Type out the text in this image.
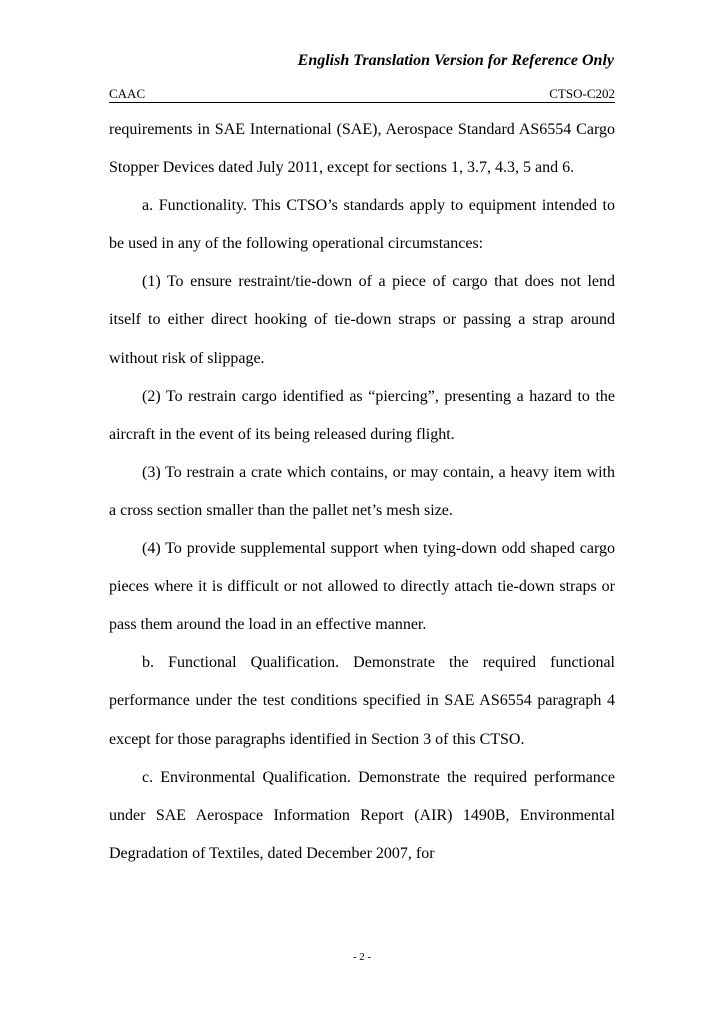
English Translation Version for Reference Only
CAAC	CTSO-C202

requirements in SAE International (SAE), Aerospace Standard AS6554 Cargo Stopper Devices dated July 2011, except for sections 1, 3.7, 4.3, 5 and 6.

a. Functionality. This CTSO’s standards apply to equipment intended to be used in any of the following operational circumstances:

(1) To ensure restraint/tie-down of a piece of cargo that does not lend itself to either direct hooking of tie-down straps or passing a strap around without risk of slippage.

(2) To restrain cargo identified as “piercing”, presenting a hazard to the aircraft in the event of its being released during flight.

(3) To restrain a crate which contains, or may contain, a heavy item with a cross section smaller than the pallet net’s mesh size.

(4) To provide supplemental support when tying-down odd shaped cargo pieces where it is difficult or not allowed to directly attach tie-down straps or pass them around the load in an effective manner.

b. Functional Qualification. Demonstrate the required functional performance under the test conditions specified in SAE AS6554 paragraph 4 except for those paragraphs identified in Section 3 of this CTSO.

c. Environmental Qualification. Demonstrate the required performance under SAE Aerospace Information Report (AIR) 1490B, Environmental Degradation of Textiles, dated December 2007, for

- 2 -
